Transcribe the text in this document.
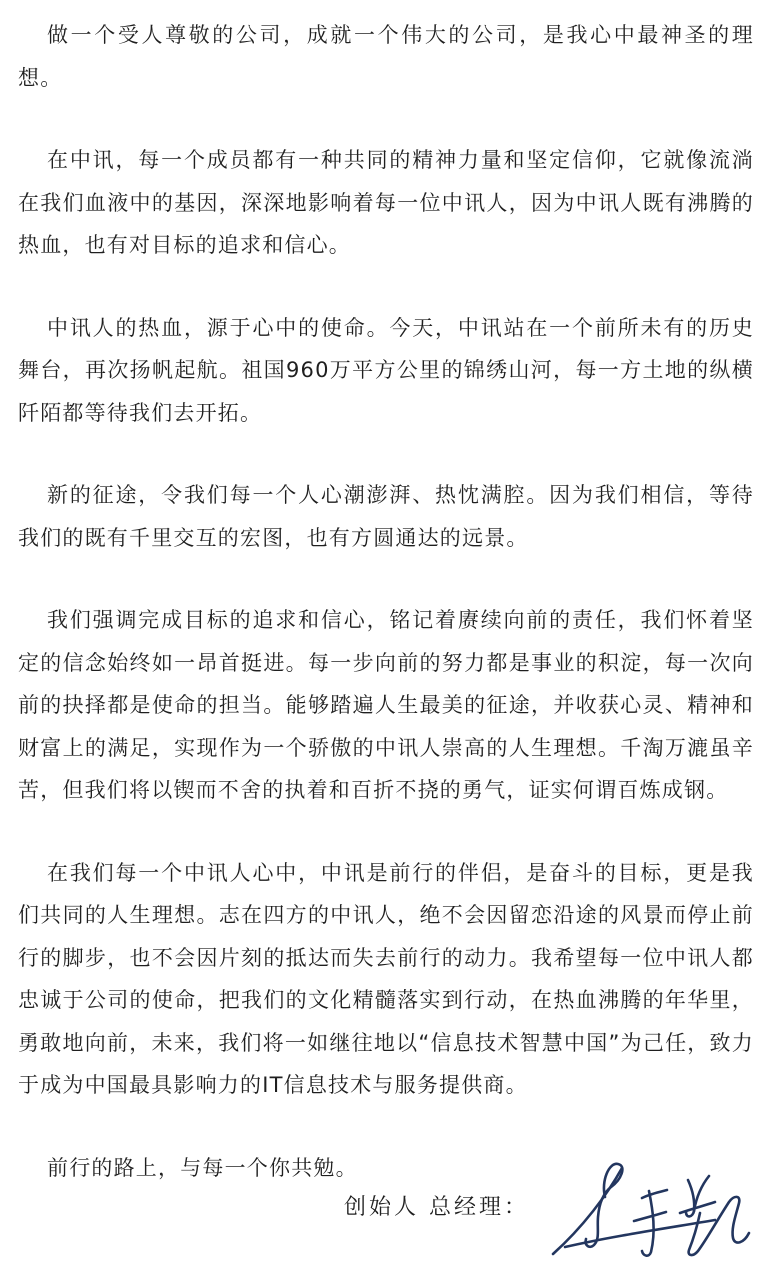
做一个受人尊敬的公司，成就一个伟大的公司，是我心中最神圣的理想。

在中讯，每一个成员都有一种共同的精神力量和坚定信仰，它就像流淌在我们血液中的基因，深深地影响着每一位中讯人，因为中讯人既有沸腾的热血，也有对目标的追求和信心。

中讯人的热血，源于心中的使命。今天，中讯站在一个前所未有的历史舞台，再次扬帆起航。祖国960万平方公里的锦绣山河，每一方土地的纵横阡陌都等待我们去开拓。

新的征途，令我们每一个人心潮澎湃、热忱满腔。因为我们相信，等待我们的既有千里交互的宏图，也有方圆通达的远景。

我们强调完成目标的追求和信心，铭记着赓续向前的责任，我们怀着坚定的信念始终如一昂首挺进。每一步向前的努力都是事业的积淀，每一次向前的抉择都是使命的担当。能够踏遍人生最美的征途，并收获心灵、精神和财富上的满足，实现作为一个骄傲的中讯人崇高的人生理想。千淘万漉虽辛苦，但我们将以锲而不舍的执着和百折不挠的勇气，证实何谓百炼成钢。

在我们每一个中讯人心中，中讯是前行的伴侣，是奋斗的目标，更是我们共同的人生理想。志在四方的中讯人，绝不会因留恋沿途的风景而停止前行的脚步，也不会因片刻的抵达而失去前行的动力。我希望每一位中讯人都忠诚于公司的使命，把我们的文化精髓落实到行动，在热血沸腾的年华里，勇敢地向前，未来，我们将一如继往地以“信息技术智慧中国”为己任，致力于成为中国最具影响力的IT信息技术与服务提供商。

前行的路上，与每一个你共勉。

创始人 总经理：
